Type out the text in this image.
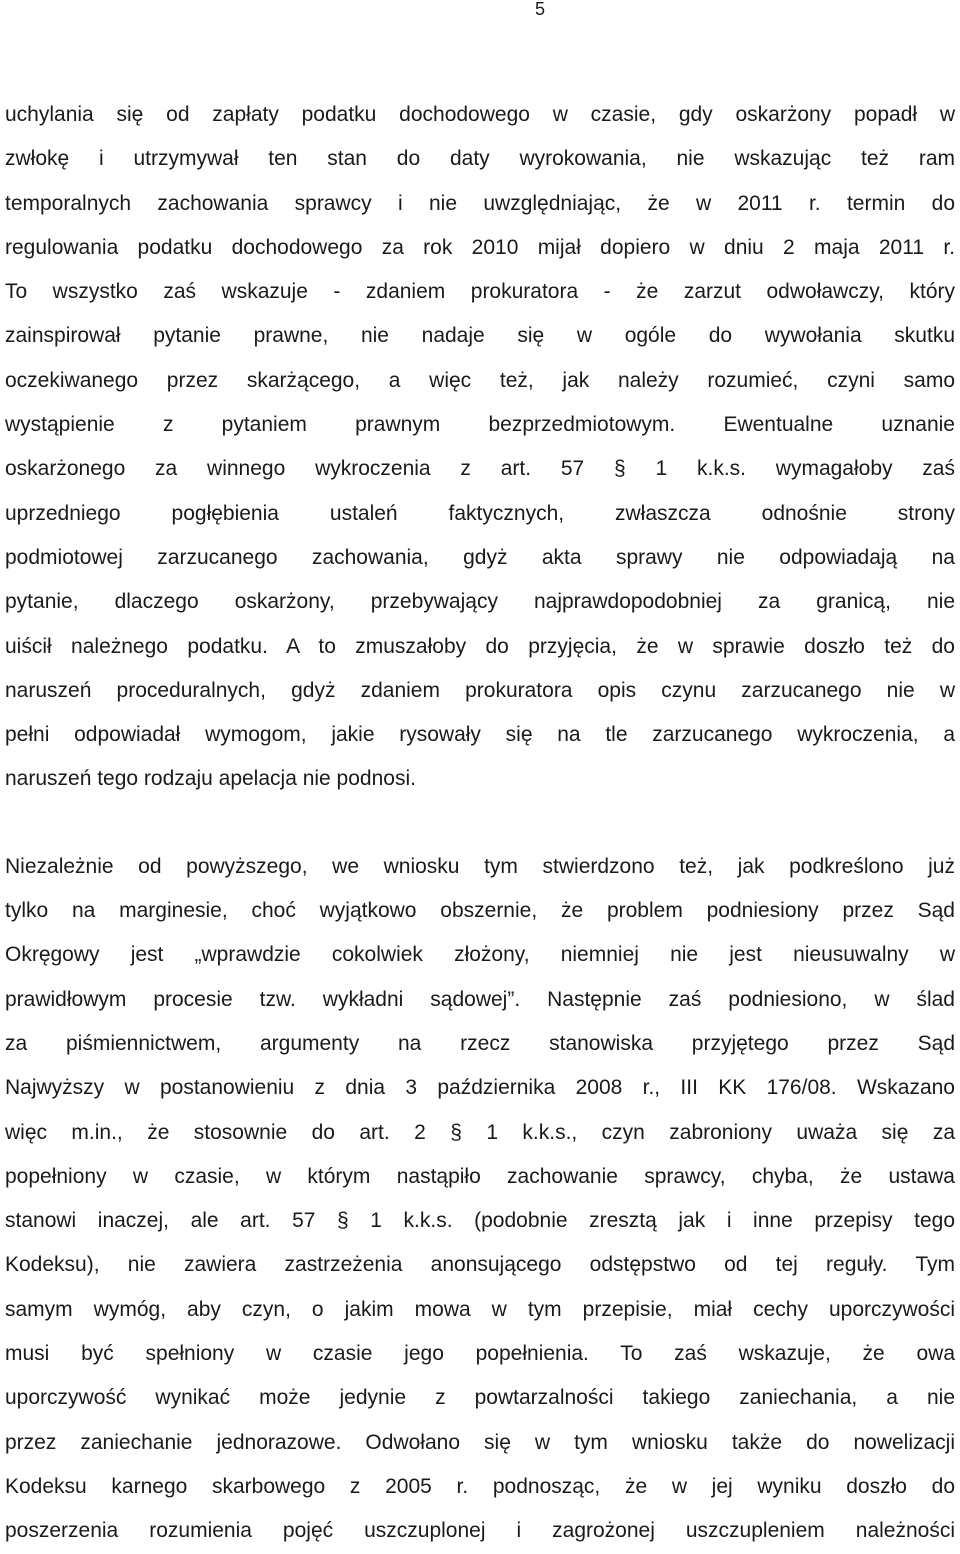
5
uchylania się od zapłaty podatku dochodowego w czasie, gdy oskarżony popadł w
zwłokę i utrzymywał ten stan do daty wyrokowania, nie wskazując też ram
temporalnych zachowania sprawcy i nie uwzględniając, że w 2011 r. termin do
regulowania podatku dochodowego za rok 2010 mijał dopiero w dniu 2 maja 2011 r.
To wszystko zaś wskazuje - zdaniem prokuratora - że zarzut odwoławczy, który
zainspirował pytanie prawne, nie nadaje się w ogóle do wywołania skutku
oczekiwanego przez skarżącego, a więc też, jak należy rozumieć, czyni samo
wystąpienie z pytaniem prawnym bezprzedmiotowym. Ewentualne uznanie
oskarżonego za winnego wykroczenia z art. 57 § 1 k.k.s. wymagałoby zaś
uprzedniego pogłębienia ustaleń faktycznych, zwłaszcza odnośnie strony
podmiotowej zarzucanego zachowania, gdyż akta sprawy nie odpowiadają na
pytanie, dlaczego oskarżony, przebywający najprawdopodobniej za granicą, nie
uiścił należnego podatku. A to zmuszałoby do przyjęcia, że w sprawie doszło też do
naruszeń proceduralnych, gdyż zdaniem prokuratora opis czynu zarzucanego nie w
pełni odpowiadał wymogom, jakie rysowały się na tle zarzucanego wykroczenia, a
naruszeń tego rodzaju apelacja nie podnosi.
Niezależnie od powyższego, we wniosku tym stwierdzono też, jak podkreślono już
tylko na marginesie, choć wyjątkowo obszernie, że problem podniesiony przez Sąd
Okręgowy jest „wprawdzie cokolwiek złożony, niemniej nie jest nieusuwalny w
prawidłowym procesie tzw. wykładni sądowej”. Następnie zaś podniesiono, w ślad
za piśmiennictwem, argumenty na rzecz stanowiska przyjętego przez Sąd
Najwyższy w postanowieniu z dnia 3 października 2008 r., III KK 176/08. Wskazano
więc m.in., że stosownie do art. 2 § 1 k.k.s., czyn zabroniony uważa się za
popełniony w czasie, w którym nastąpiło zachowanie sprawcy, chyba, że ustawa
stanowi inaczej, ale art. 57 § 1 k.k.s. (podobnie zresztą jak i inne przepisy tego
Kodeksu), nie zawiera zastrzeżenia anonsującego odstępstwo od tej reguły. Tym
samym wymóg, aby czyn, o jakim mowa w tym przepisie, miał cechy uporczywości
musi być spełniony w czasie jego popełnienia. To zaś wskazuje, że owa
uporczywość wynikać może jedynie z powtarzalności takiego zaniechania, a nie
przez zaniechanie jednorazowe. Odwołano się w tym wniosku także do nowelizacji
Kodeksu karnego skarbowego z 2005 r. podnosząc, że w jej wyniku doszło do
poszerzenia rozumienia pojęć uszczuplonej i zagrożonej uszczupleniem należności
